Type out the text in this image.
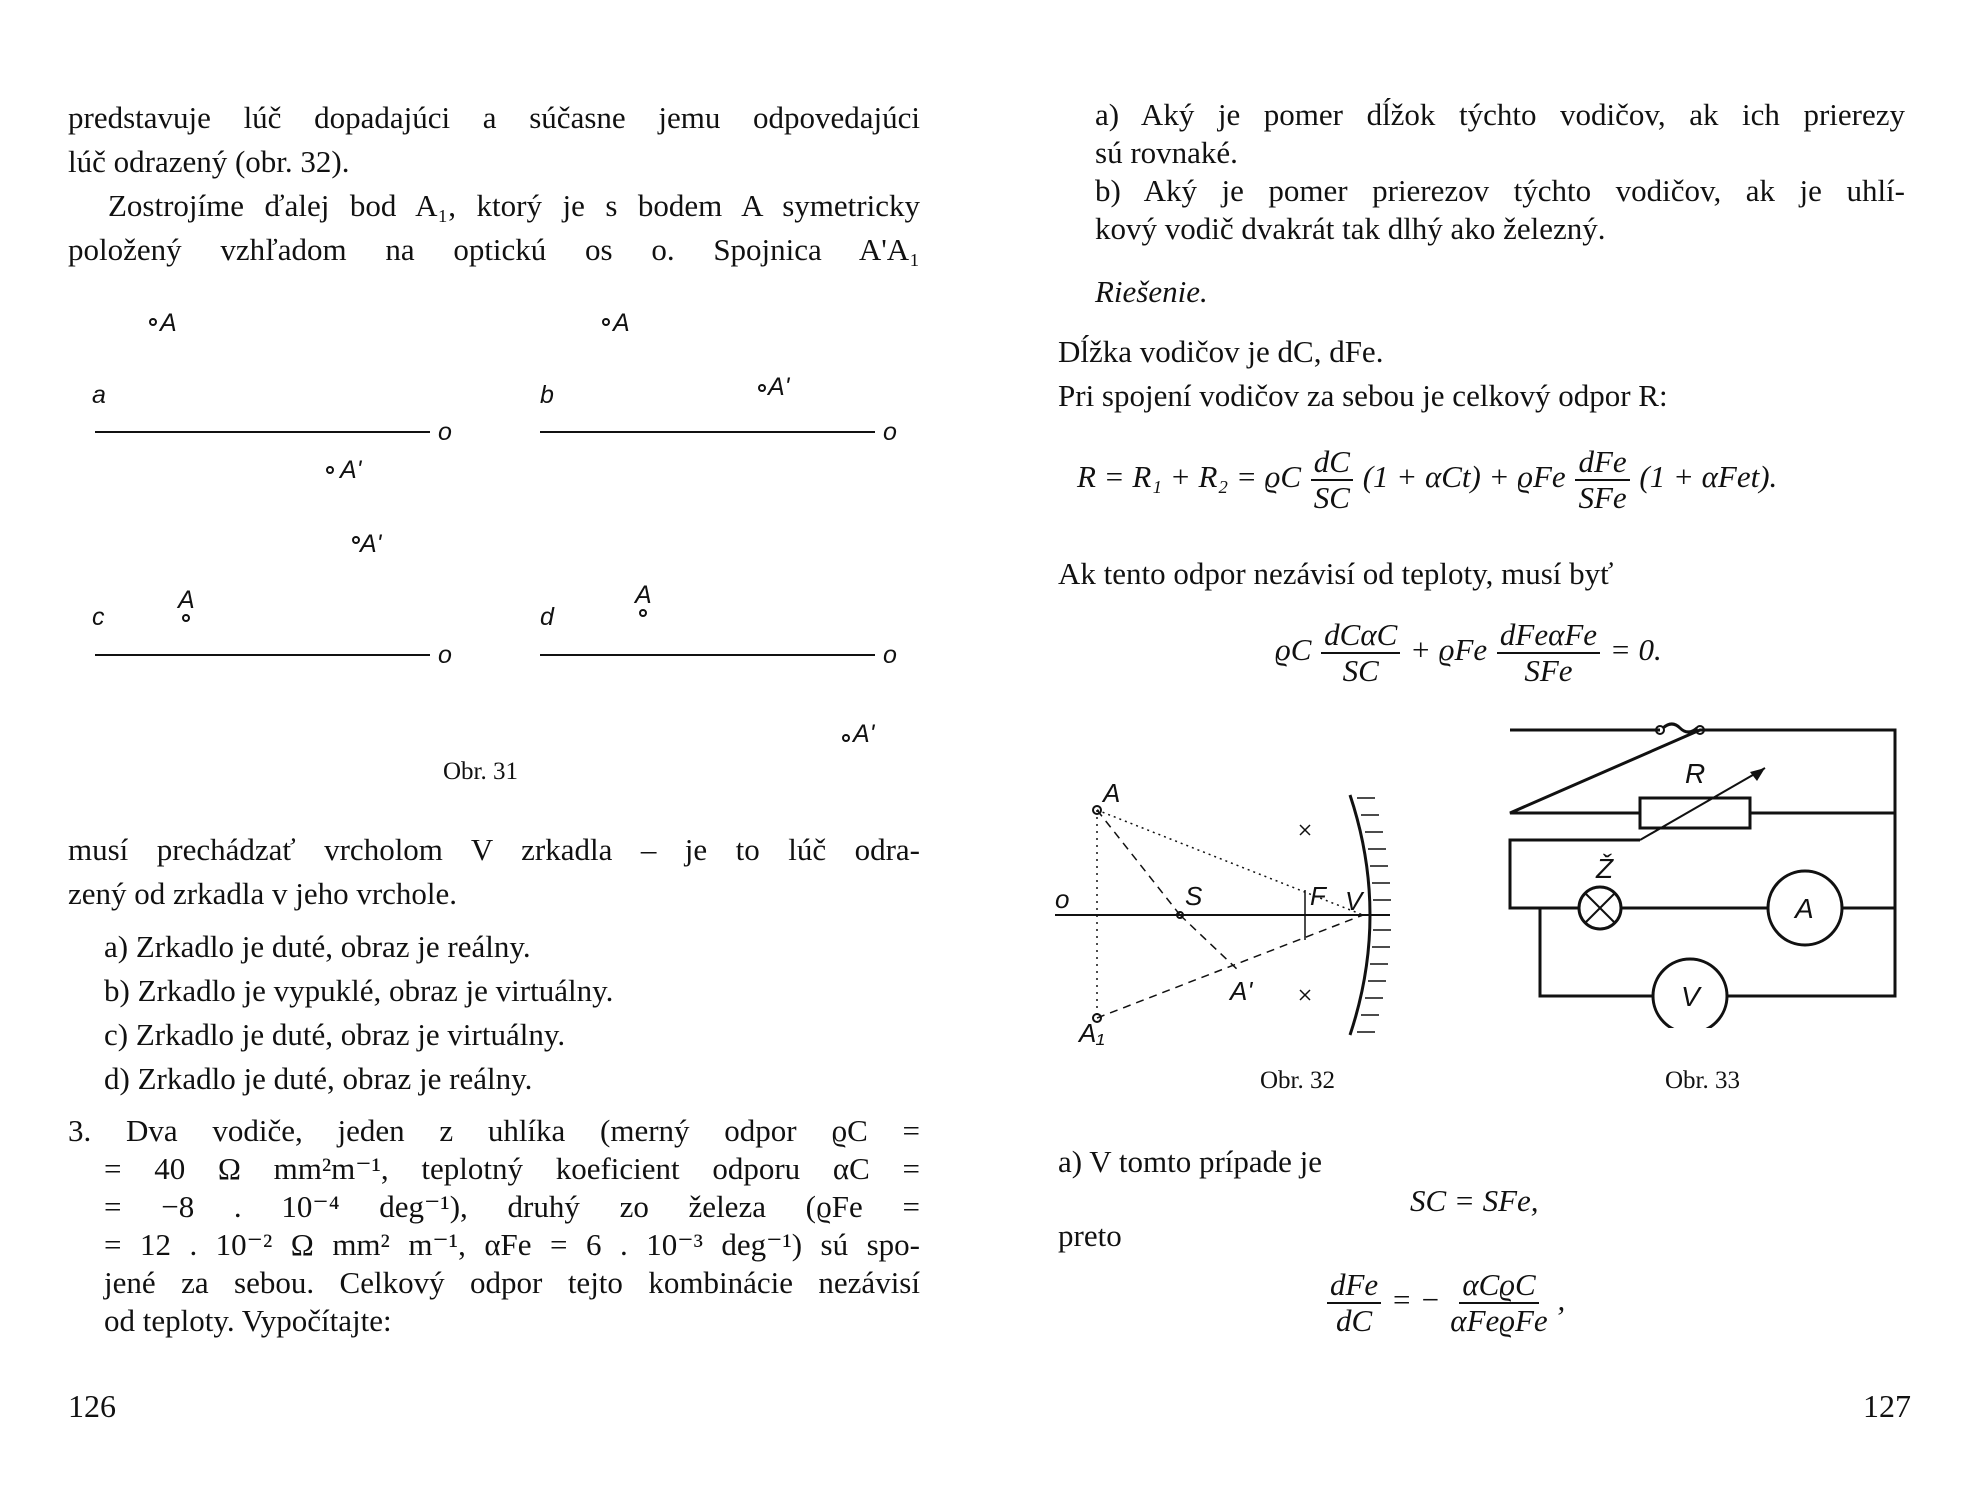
predstavuje lúč dopadajúci a súčasne jemu odpovedajúci

lúč odrazený (obr. 32).

Zostrojíme ďalej bod A₁, ktorý je s bodem A symetricky

položený vzhľadom na optickú os o. Spojnica A'A₁

A	A
a	b	A'
o	o
A'
A'
c
A
d
A
o	o
A'
Obr. 31

musí prechádzať vrcholom V zrkadla – je to lúč odra-

zený od zrkadla v jeho vrchole.

a) Zrkadlo je duté, obraz je reálny.

b) Zrkadlo je vypuklé, obraz je virtuálny.

c) Zrkadlo je duté, obraz je virtuálny.

d) Zrkadlo je duté, obraz je reálny.

3. Dva vodiče, jeden z uhlíka (merný odpor ϱC =

= 40 Ω mm²m⁻¹, teplotný koeficient odporu αC =

= −8 . 10⁻⁴ deg⁻¹), druhý zo železa (ϱFe =

= 12 . 10⁻² Ω mm² m⁻¹, αFe = 6 . 10⁻³ deg⁻¹) sú spo-

jené za sebou. Celkový odpor tejto kombinácie nezávisí

od teploty. Vypočítajte:

126

a) Aký je pomer dĺžok týchto vodičov, ak ich prierezy

sú rovnaké.

b) Aký je pomer prierezov týchto vodičov, ak je uhlí-

kový vodič dvakrát tak dlhý ako železný.

Riešenie.

Dĺžka vodičov je dC, dFe.

Pri spojení vodičov za sebou je celkový odpor R:

R = R₁ + R₂ = ϱC $\frac{dC}{SC} (1 + \alpha Ct) + ϱFe \frac{\text{dFe}}{\text{SFe}} (1 + \alpha Fet)$.

Ak tento odpor nezávisí od teploty, musí byť

ϱC $\frac{\text{dCαC}}{SC} + ϱFe \frac{\text{dFeαFe}}{\text{SFe}} = 0$.
A
o	S	F V
A'
A₁
Obr. 32
R
Ž
A
V
Obr. 33

a) V tomto prípade je

SC = SFe,

preto

$\frac{\text{dFe}}{dC}$ = − $\frac{\text{αCϱC}}{\text{αFeϱFe}}$ ,
127
